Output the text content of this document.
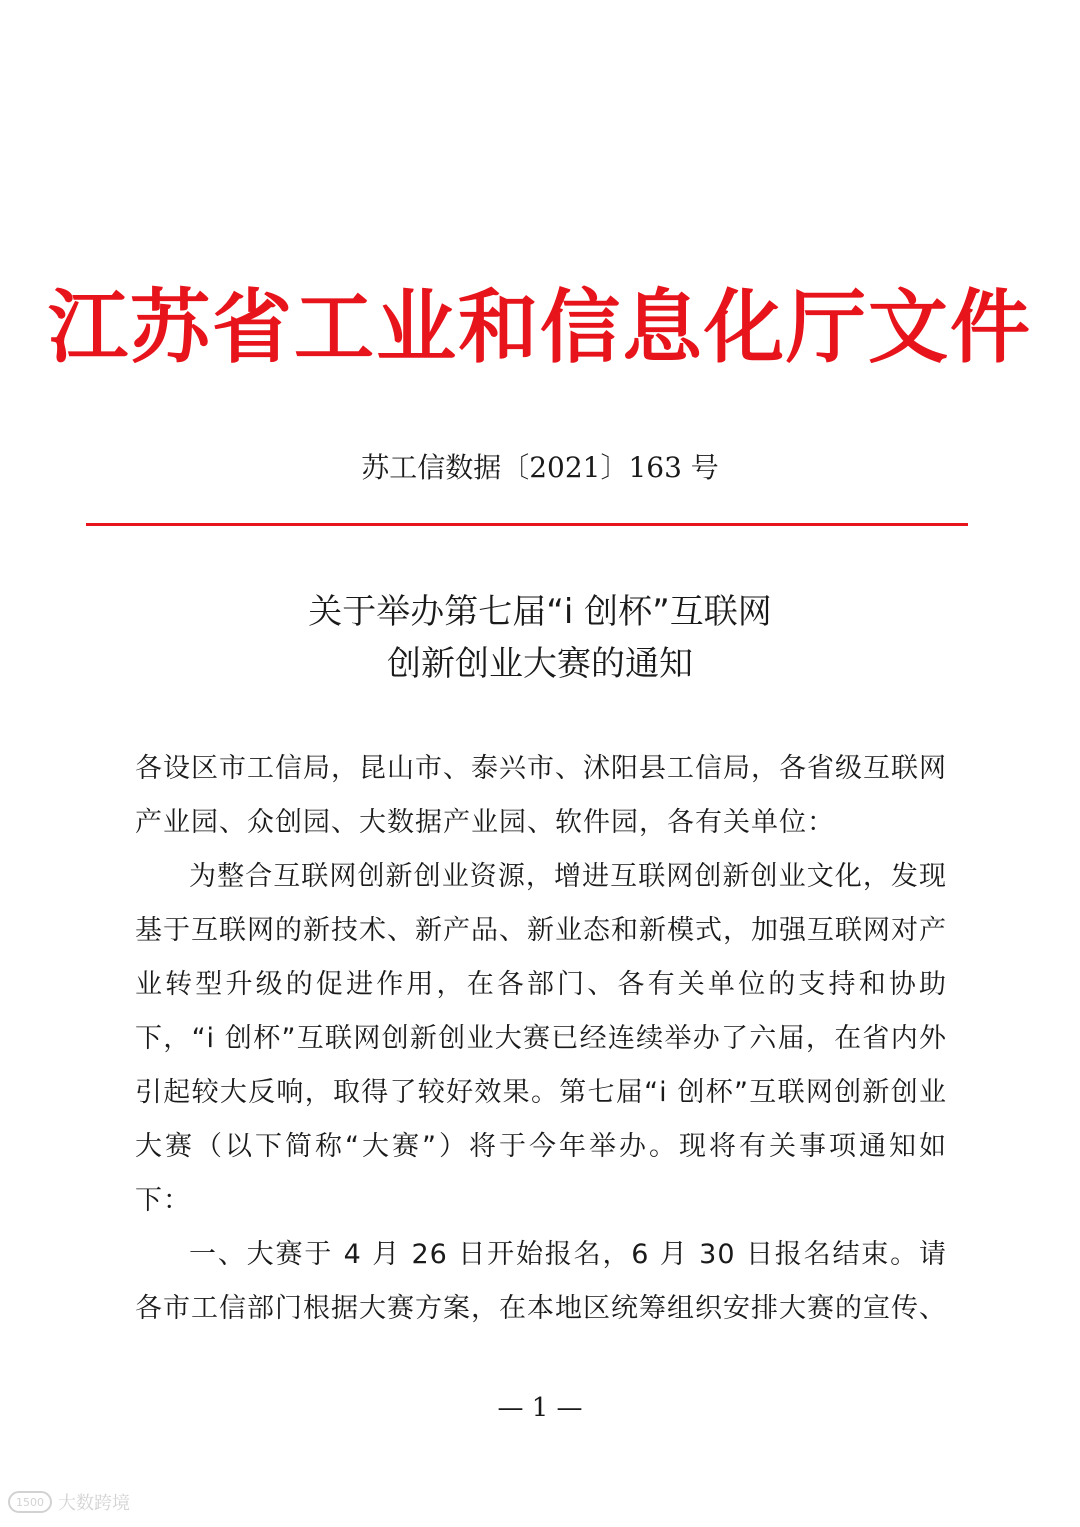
江苏省工业和信息化厅文件
苏工信数据〔2021〕163 号
关于举办第七届“i 创杯”互联网
创新创业大赛的通知

各设区市工信局，昆山市、泰兴市、沭阳县工信局，各省级互联网产业园、众创园、大数据产业园、软件园，各有关单位：

为整合互联网创新创业资源，增进互联网创新创业文化，发现基于互联网的新技术、新产品、新业态和新模式，加强互联网对产业转型升级的促进作用，在各部门、各有关单位的支持和协助下，“i 创杯”互联网创新创业大赛已经连续举办了六届，在省内外引起较大反响，取得了较好效果。第七届“i 创杯”互联网创新创业大赛（以下简称“大赛”）将于今年举办。现将有关事项通知如下：

一、大赛于 4 月 26 日开始报名，6 月 30 日报名结束。请各市工信部门根据大赛方案，在本地区统筹组织安排大赛的宣传、

— 1 —
1500 大数跨境
